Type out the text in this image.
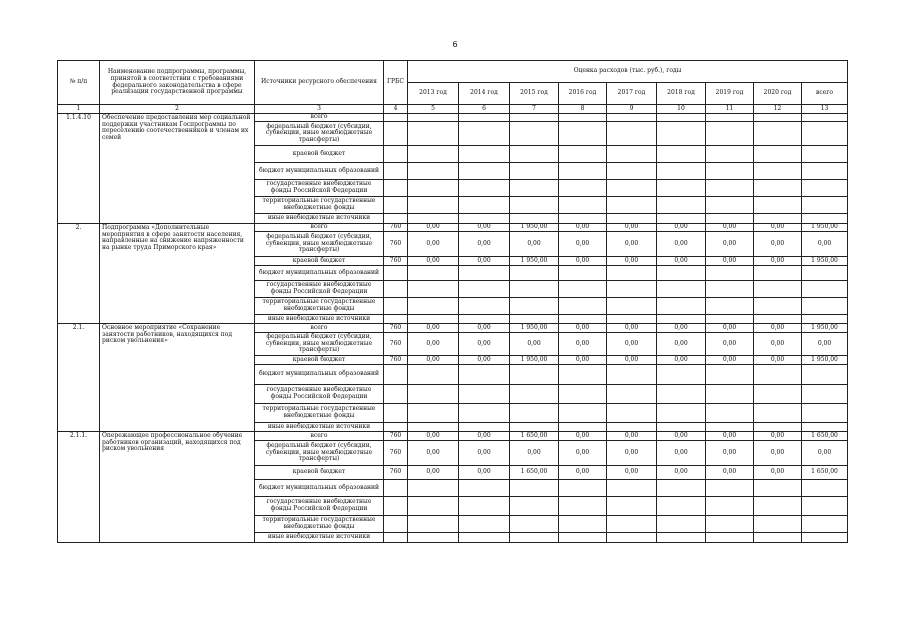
6
№ п/п	Наименование подпрограммы, программы, принятой в соответствии с требованиями федерального законодательства в сфере реализации государственной программы	Источники ресурсного обеспечения	ГРБС	Оценка расходов (тыс. руб.), годы								
				2013 год	2014 год	2015 год	2016 год	2017 год	2018 год	2019 год	2020 год	всего
1	2	3	4	5	6	7	8	9	10	11	12	13
1.1.4.10	Обеспечение предоставления мер социальной поддержки участникам Госпрограммы по переселению соотечественников и членам их семей	всего										
		федеральный бюджет (субсидии, субвенции, иные межбюджетные трансферты)										
		краевой бюджет										
		бюджет муниципальных образований										
		государственные внебюджетные фонды Российской Федерации										
		территориальные государственные внебюджетные фонды										
		иные внебюджетные источники										
2.	Подпрограмма «Дополнительные мероприятия в сфере занятости населения, направленные на снижение напряженности на рынке труда Приморского края»	всего	760	0,00	0,00	1 950,00	0,00	0,00	0,00	0,00	0,00	1 950,00
		федеральный бюджет (субсидии, субвенции, иные межбюджетные трансферты)	760	0,00	0,00	0,00	0,00	0,00	0,00	0,00	0,00	0,00
		краевой бюджет	760	0,00	0,00	1 950,00	0,00	0,00	0,00	0,00	0,00	1 950,00
		бюджет муниципальных образований										
		государственные внебюджетные фонды Российской Федерации										
		территориальные государственные внебюджетные фонды										
		иные внебюджетные источники										
2.1.	Основное мероприятие «Сохранение занятости работников, находящихся под риском увольнения»	всего	760	0,00	0,00	1 950,00	0,00	0,00	0,00	0,00	0,00	1 950,00
		федеральный бюджет (субсидии, субвенции, иные межбюджетные трансферты)	760	0,00	0,00	0,00	0,00	0,00	0,00	0,00	0,00	0,00
		краевой бюджет	760	0,00	0,00	1 950,00	0,00	0,00	0,00	0,00	0,00	1 950,00
		бюджет муниципальных образований										
		государственные внебюджетные фонды Российской Федерации										
		территориальные государственные внебюджетные фонды										
		иные внебюджетные источники										
2.1.1.	Опережающее профессиональное обучение работников организаций, находящихся под риском увольнения	всего	760	0,00	0,00	1 650,00	0,00	0,00	0,00	0,00	0,00	1 650,00
		федеральный бюджет (субсидии, субвенции, иные межбюджетные трансферты)	760	0,00	0,00	0,00	0,00	0,00	0,00	0,00	0,00	0,00
		краевой бюджет	760	0,00	0,00	1 650,00	0,00	0,00	0,00	0,00	0,00	1 650,00
		бюджет муниципальных образований										
		государственные внебюджетные фонды Российской Федерации										
		территориальные государственные внебюджетные фонды										
		иные внебюджетные источники										
